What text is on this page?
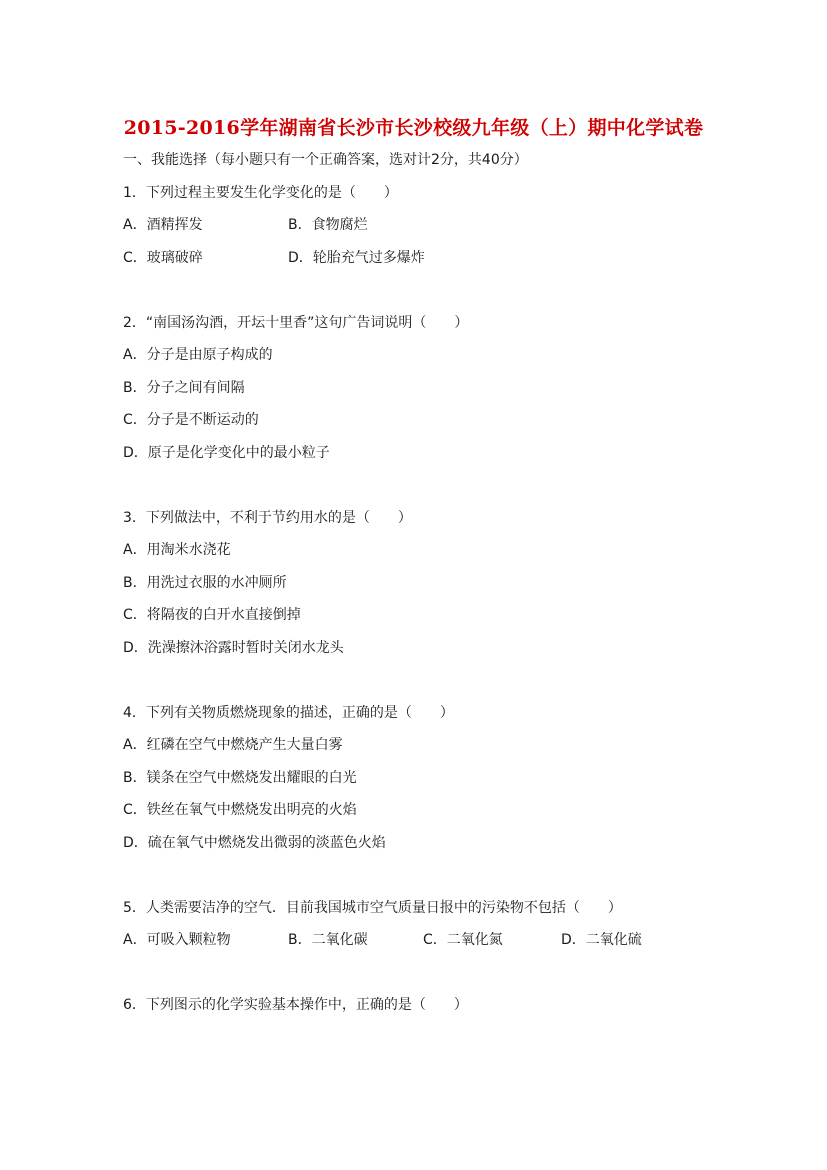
2015-2016学年湖南省长沙市长沙校级九年级（上）期中化学试卷
一、我能选择（每小题只有一个正确答案，选对计2分，共40分）
1．下列过程主要发生化学变化的是（　　）
A．酒精挥发	B．食物腐烂
C．玻璃破碎	D．轮胎充气过多爆炸
2．“南国汤沟酒，开坛十里香”这句广告词说明（　　）
A．分子是由原子构成的
B．分子之间有间隔
C．分子是不断运动的
D．原子是化学变化中的最小粒子
3．下列做法中，不利于节约用水的是（　　）
A．用淘米水浇花
B．用洗过衣服的水冲厕所
C．将隔夜的白开水直接倒掉
D．洗澡擦沐浴露时暂时关闭水龙头
4．下列有关物质燃烧现象的描述，正确的是（　　）
A．红磷在空气中燃烧产生大量白雾
B．镁条在空气中燃烧发出耀眼的白光
C．铁丝在氧气中燃烧发出明亮的火焰
D．硫在氧气中燃烧发出微弱的淡蓝色火焰
5．人类需要洁净的空气．目前我国城市空气质量日报中的污染物不包括（　　）
A．可吸入颗粒物	B．二氧化碳	C．二氧化氮	D．二氧化硫
6．下列图示的化学实验基本操作中，正确的是（　　）
